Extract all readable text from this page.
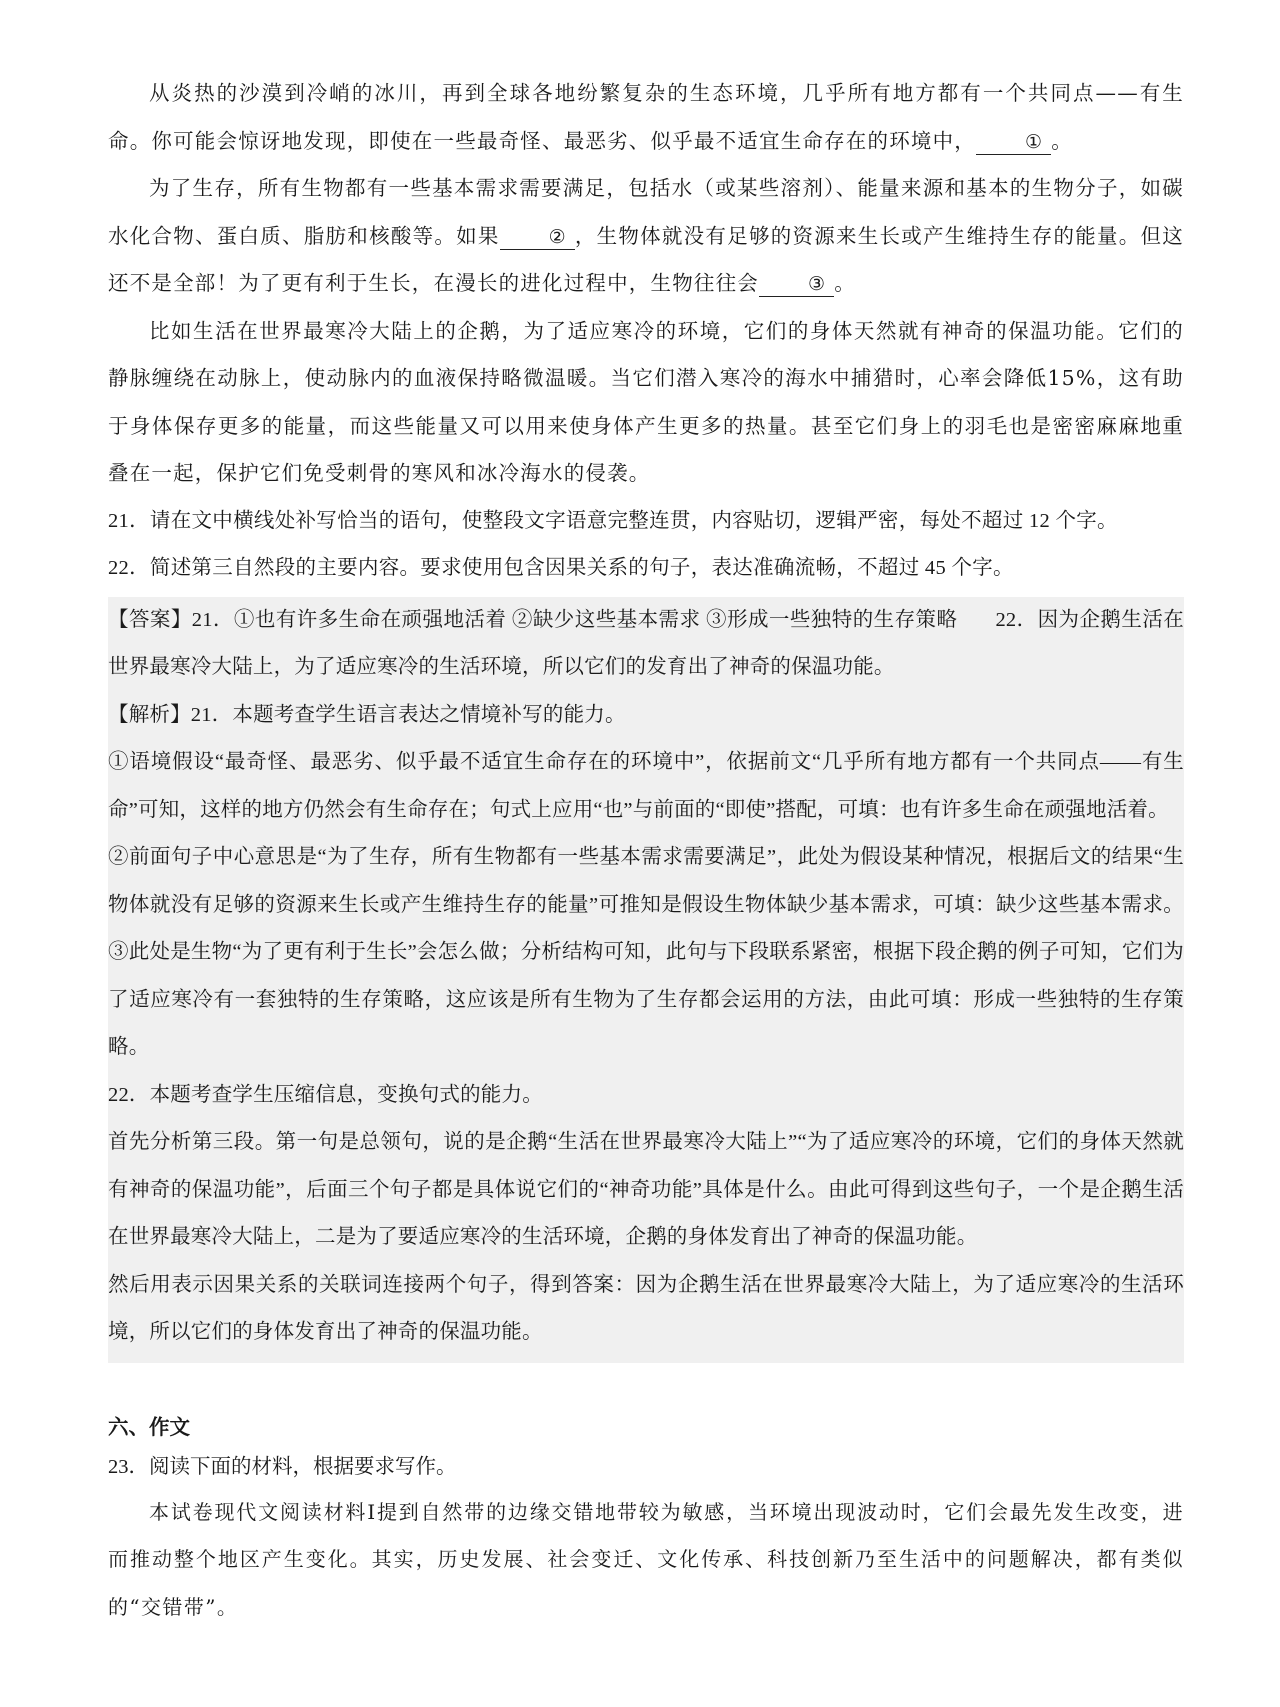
从炎热的沙漠到冷峭的冰川，再到全球各地纷繁复杂的生态环境，几乎所有地方都有一个共同点——有生命。你可能会惊讶地发现，即使在一些最奇怪、最恶劣、似乎最不适宜生命存在的环境中，	① 。

为了生存，所有生物都有一些基本需求需要满足，包括水（或某些溶剂）、能量来源和基本的生物分子，如碳水化合物、蛋白质、脂肪和核酸等。如果	② ，生物体就没有足够的资源来生长或产生维持生存的能量。但这还不是全部！为了更有利于生长，在漫长的进化过程中，生物往往会	③ 。

比如生活在世界最寒冷大陆上的企鹅，为了适应寒冷的环境，它们的身体天然就有神奇的保温功能。它们的静脉缠绕在动脉上，使动脉内的血液保持略微温暖。当它们潜入寒冷的海水中捕猎时，心率会降低15%，这有助于身体保存更多的能量，而这些能量又可以用来使身体产生更多的热量。甚至它们身上的羽毛也是密密麻麻地重叠在一起，保护它们免受刺骨的寒风和冰冷海水的侵袭。

21．请在文中横线处补写恰当的语句，使整段文字语意完整连贯，内容贴切，逻辑严密，每处不超过 12 个字。

22．简述第三自然段的主要内容。要求使用包含因果关系的句子，表达准确流畅，不超过 45 个字。

【答案】21．①也有许多生命在顽强地活着 ②缺少这些基本需求 ③形成一些独特的生存策略 22．因为企鹅生活在世界最寒冷大陆上，为了适应寒冷的生活环境，所以它们的发育出了神奇的保温功能。

【解析】21．本题考查学生语言表达之情境补写的能力。

①语境假设“最奇怪、最恶劣、似乎最不适宜生命存在的环境中”，依据前文“几乎所有地方都有一个共同点——有生命”可知，这样的地方仍然会有生命存在；句式上应用“也”与前面的“即使”搭配，可填：也有许多生命在顽强地活着。

②前面句子中心意思是“为了生存，所有生物都有一些基本需求需要满足”，此处为假设某种情况，根据后文的结果“生物体就没有足够的资源来生长或产生维持生存的能量”可推知是假设生物体缺少基本需求，可填：缺少这些基本需求。③此处是生物“为了更有利于生长”会怎么做；分析结构可知，此句与下段联系紧密，根据下段企鹅的例子可知，它们为了适应寒冷有一套独特的生存策略，这应该是所有生物为了生存都会运用的方法，由此可填：形成一些独特的生存策略。

22．本题考查学生压缩信息，变换句式的能力。

首先分析第三段。第一句是总领句，说的是企鹅“生活在世界最寒冷大陆上”“为了适应寒冷的环境，它们的身体天然就有神奇的保温功能”，后面三个句子都是具体说它们的“神奇功能”具体是什么。由此可得到这些句子，一个是企鹅生活在世界最寒冷大陆上，二是为了要适应寒冷的生活环境，企鹅的身体发育出了神奇的保温功能。

然后用表示因果关系的关联词连接两个句子，得到答案：因为企鹅生活在世界最寒冷大陆上，为了适应寒冷的生活环境，所以它们的身体发育出了神奇的保温功能。

六、作文

23．阅读下面的材料，根据要求写作。

本试卷现代文阅读材料Ⅰ提到自然带的边缘交错地带较为敏感，当环境出现波动时，它们会最先发生改变，进而推动整个地区产生变化。其实，历史发展、社会变迁、文化传承、科技创新乃至生活中的问题解决，都有类似的“交错带”。
